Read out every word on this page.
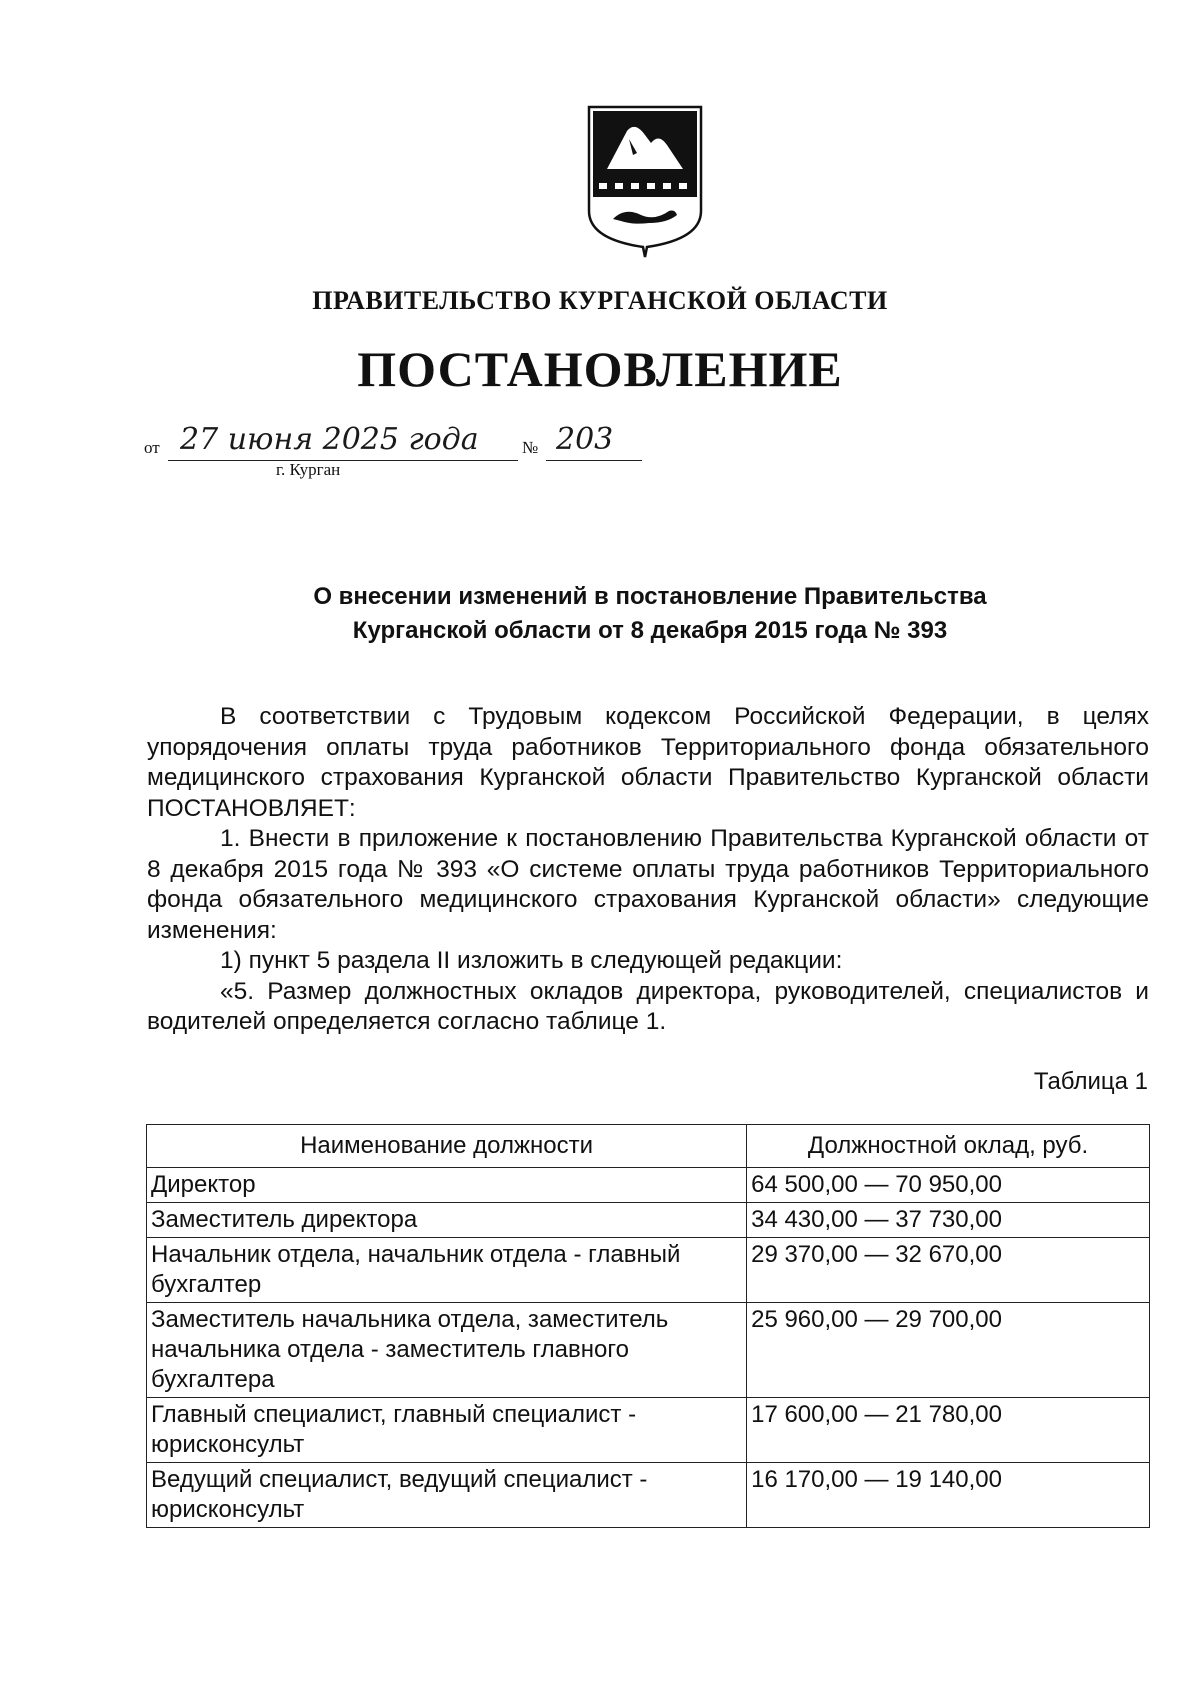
ПРАВИТЕЛЬСТВО КУРГАНСКОЙ ОБЛАСТИ
ПОСТАНОВЛЕНИЕ
от 27 июня 2025 года	№ 203
г. Курган
О внесении изменений в постановление Правительства
Курганской области от 8 декабря 2015 года № 393

В соответствии с Трудовым кодексом Российской Федерации, в целях упорядочения оплаты труда работников Территориального фонда обязательного медицинского страхования Курганской области Правительство Курганской области ПОСТАНОВЛЯЕТ:

1. Внести в приложение к постановлению Правительства Курганской области от 8 декабря 2015 года № 393 «О системе оплаты труда работников Территориального фонда обязательного медицинского страхования Курганской области» следующие изменения:

1) пункт 5 раздела II изложить в следующей редакции:

«5. Размер должностных окладов директора, руководителей, специалистов и водителей определяется согласно таблице 1.

Таблица 1
Наименование должности	Должностной оклад, руб.
Директор	64 500,00 — 70 950,00
Заместитель директора	34 430,00 — 37 730,00
Начальник отдела, начальник отдела - главный бухгалтер	29 370,00 — 32 670,00
Заместитель начальника отдела, заместитель начальника отдела - заместитель главного бухгалтера	25 960,00 — 29 700,00
Главный специалист, главный специалист - юрисконсульт	17 600,00 — 21 780,00
Ведущий специалист, ведущий специалист - юрисконсульт	16 170,00 — 19 140,00
